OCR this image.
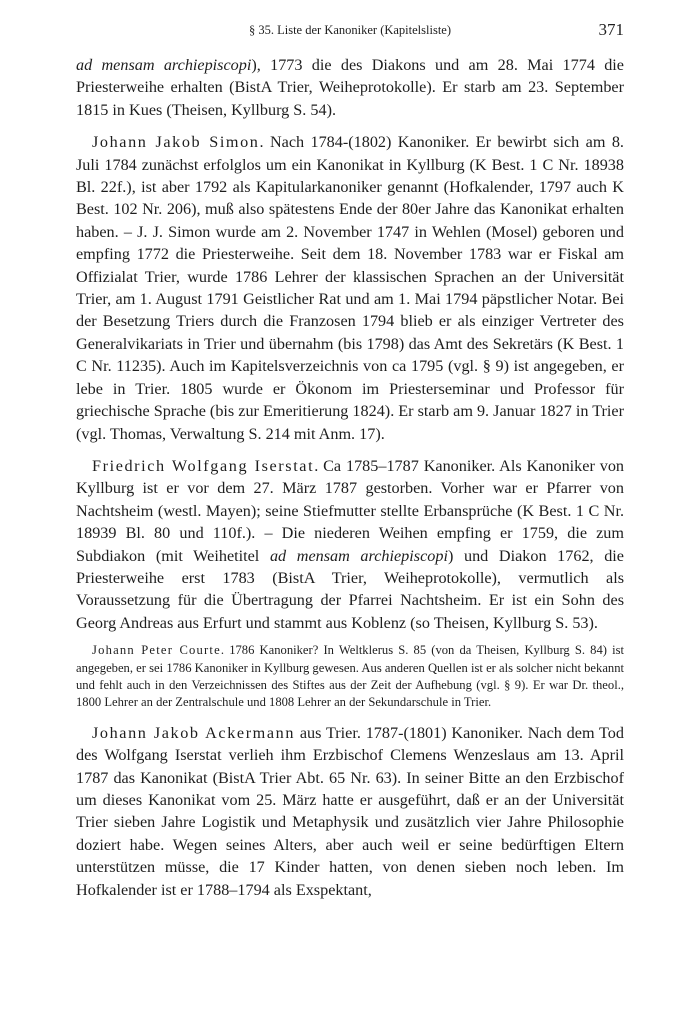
§ 35. Liste der Kanoniker (Kapitelsliste)	371

ad mensam archiepiscopi), 1773 die des Diakons und am 28. Mai 1774 die Priesterweihe erhalten (BistA Trier, Weiheprotokolle). Er starb am 23. September 1815 in Kues (Theisen, Kyllburg S. 54).

Johann Jakob Simon. Nach 1784-(1802) Kanoniker. Er bewirbt sich am 8. Juli 1784 zunächst erfolglos um ein Kanonikat in Kyllburg (K Best. 1 C Nr. 18938 Bl. 22f.), ist aber 1792 als Kapitularkanoniker genannt (Hofkalender, 1797 auch K Best. 102 Nr. 206), muß also spätestens Ende der 80er Jahre das Kanonikat erhalten haben. – J. J. Simon wurde am 2. November 1747 in Wehlen (Mosel) geboren und empfing 1772 die Priesterweihe. Seit dem 18. November 1783 war er Fiskal am Offizialat Trier, wurde 1786 Lehrer der klassischen Sprachen an der Universität Trier, am 1. August 1791 Geistlicher Rat und am 1. Mai 1794 päpstlicher Notar. Bei der Besetzung Triers durch die Franzosen 1794 blieb er als einziger Vertreter des Generalvikariats in Trier und übernahm (bis 1798) das Amt des Sekretärs (K Best. 1 C Nr. 11235). Auch im Kapitelsverzeichnis von ca 1795 (vgl. § 9) ist angegeben, er lebe in Trier. 1805 wurde er Ökonom im Priesterseminar und Professor für griechische Sprache (bis zur Emeritierung 1824). Er starb am 9. Januar 1827 in Trier (vgl. Thomas, Verwaltung S. 214 mit Anm. 17).

Friedrich Wolfgang Iserstat. Ca 1785–1787 Kanoniker. Als Kanoniker von Kyllburg ist er vor dem 27. März 1787 gestorben. Vorher war er Pfarrer von Nachtsheim (westl. Mayen); seine Stiefmutter stellte Erbansprüche (K Best. 1 C Nr. 18939 Bl. 80 und 110f.). – Die niederen Weihen empfing er 1759, die zum Subdiakon (mit Weihetitel ad mensam archiepiscopi) und Diakon 1762, die Priesterweihe erst 1783 (BistA Trier, Weiheprotokolle), vermutlich als Voraussetzung für die Übertragung der Pfarrei Nachtsheim. Er ist ein Sohn des Georg Andreas aus Erfurt und stammt aus Koblenz (so Theisen, Kyllburg S. 53).

Johann Peter Courte. 1786 Kanoniker? In Weltklerus S. 85 (von da Theisen, Kyllburg S. 84) ist angegeben, er sei 1786 Kanoniker in Kyllburg gewesen. Aus anderen Quellen ist er als solcher nicht bekannt und fehlt auch in den Verzeichnissen des Stiftes aus der Zeit der Aufhebung (vgl. § 9). Er war Dr. theol., 1800 Lehrer an der Zentralschule und 1808 Lehrer an der Sekundarschule in Trier.

Johann Jakob Ackermann aus Trier. 1787-(1801) Kanoniker. Nach dem Tod des Wolfgang Iserstat verlieh ihm Erzbischof Clemens Wenzeslaus am 13. April 1787 das Kanonikat (BistA Trier Abt. 65 Nr. 63). In seiner Bitte an den Erzbischof um dieses Kanonikat vom 25. März hatte er ausgeführt, daß er an der Universität Trier sieben Jahre Logistik und Metaphysik und zusätzlich vier Jahre Philosophie doziert habe. Wegen seines Alters, aber auch weil er seine bedürftigen Eltern unterstützen müsse, die 17 Kinder hatten, von denen sieben noch leben. Im Hofkalender ist er 1788–1794 als Exspektant,
